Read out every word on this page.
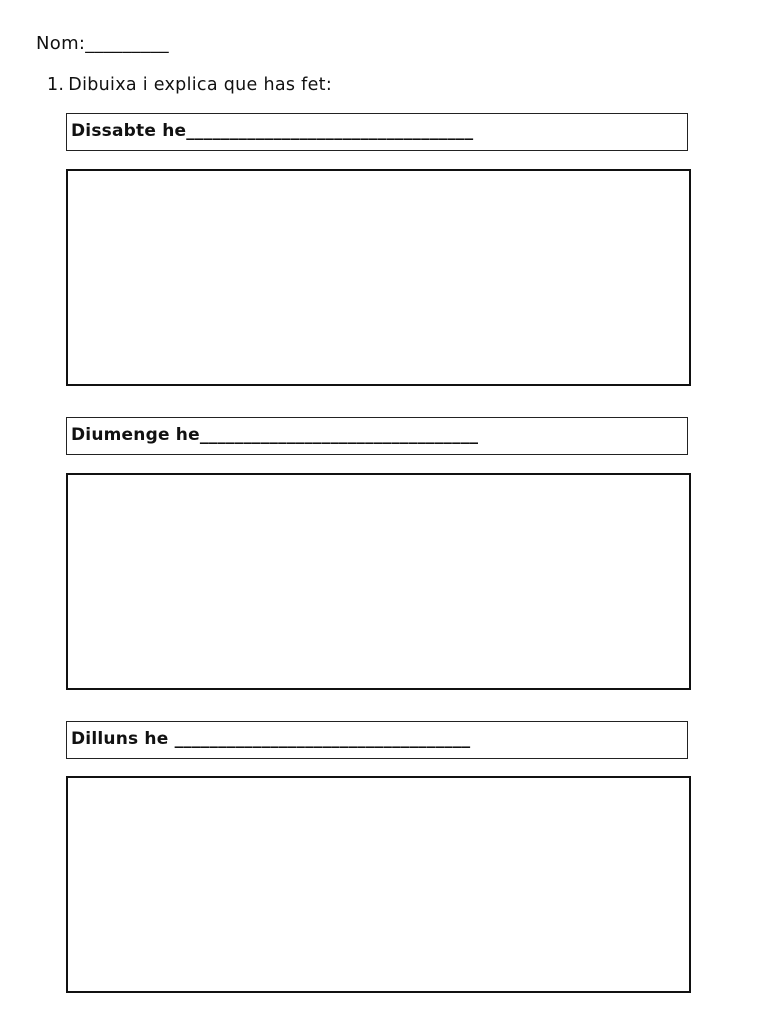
Nom:_________
1. Dibuixa i explica que has fet:
Dissabte he_________________________________
Diumenge he________________________________
Dilluns he __________________________________
